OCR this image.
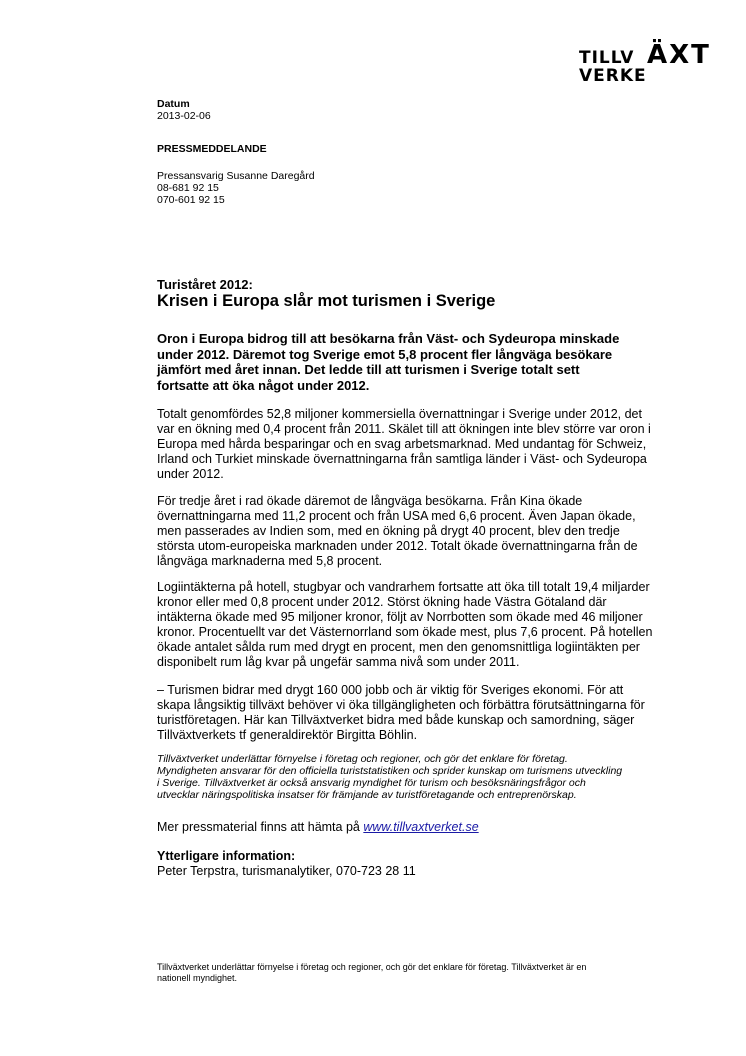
TILLV
VERKE
ÄXT
Datum
2013-02-06
PRESSMEDDELANDE
Pressansvarig Susanne Daregård
08-681 92 15
070-601 92 15
Turiståret 2012:
Krisen i Europa slår mot turismen i Sverige
Oron i Europa bidrog till att besökarna från Väst- och Sydeuropa minskade
under 2012. Däremot tog Sverige emot 5,8 procent fler långväga besökare
jämfört med året innan. Det ledde till att turismen i Sverige totalt sett
fortsatte att öka något under 2012.
Totalt genomfördes 52,8 miljoner kommersiella övernattningar i Sverige under 2012, det
var en ökning med 0,4 procent från 2011. Skälet till att ökningen inte blev större var oron i
Europa med hårda besparingar och en svag arbetsmarknad. Med undantag för Schweiz,
Irland och Turkiet minskade övernattningarna från samtliga länder i Väst- och Sydeuropa
under 2012.
För tredje året i rad ökade däremot de långväga besökarna. Från Kina ökade
övernattningarna med 11,2 procent och från USA med 6,6 procent. Även Japan ökade,
men passerades av Indien som, med en ökning på drygt 40 procent, blev den tredje
största utom-europeiska marknaden under 2012. Totalt ökade övernattningarna från de
långväga marknaderna med 5,8 procent.
Logiintäkterna på hotell, stugbyar och vandrarhem fortsatte att öka till totalt 19,4 miljarder
kronor eller med 0,8 procent under 2012. Störst ökning hade Västra Götaland där
intäkterna ökade med 95 miljoner kronor, följt av Norrbotten som ökade med 46 miljoner
kronor. Procentuellt var det Västernorrland som ökade mest, plus 7,6 procent. På hotellen
ökade antalet sålda rum med drygt en procent, men den genomsnittliga logiintäkten per
disponibelt rum låg kvar på ungefär samma nivå som under 2011.
– Turismen bidrar med drygt 160 000 jobb och är viktig för Sveriges ekonomi. För att
skapa långsiktig tillväxt behöver vi öka tillgängligheten och förbättra förutsättningarna för
turistföretagen. Här kan Tillväxtverket bidra med både kunskap och samordning, säger
Tillväxtverkets tf generaldirektör Birgitta Böhlin.
Tillväxtverket underlättar förnyelse i företag och regioner, och gör det enklare för företag.
Myndigheten ansvarar för den officiella turiststatistiken och sprider kunskap om turismens utveckling
i Sverige. Tillväxtverket är också ansvarig myndighet för turism och besöksnäringsfrågor och
utvecklar näringspolitiska insatser för främjande av turistföretagande och entreprenörskap.
Mer pressmaterial finns att hämta på www.tillvaxtverket.se
Ytterligare information:
Peter Terpstra, turismanalytiker, 070-723 28 11
Tillväxtverket underlättar förnyelse i företag och regioner, och gör det enklare för företag. Tillväxtverket är en
nationell myndighet.
